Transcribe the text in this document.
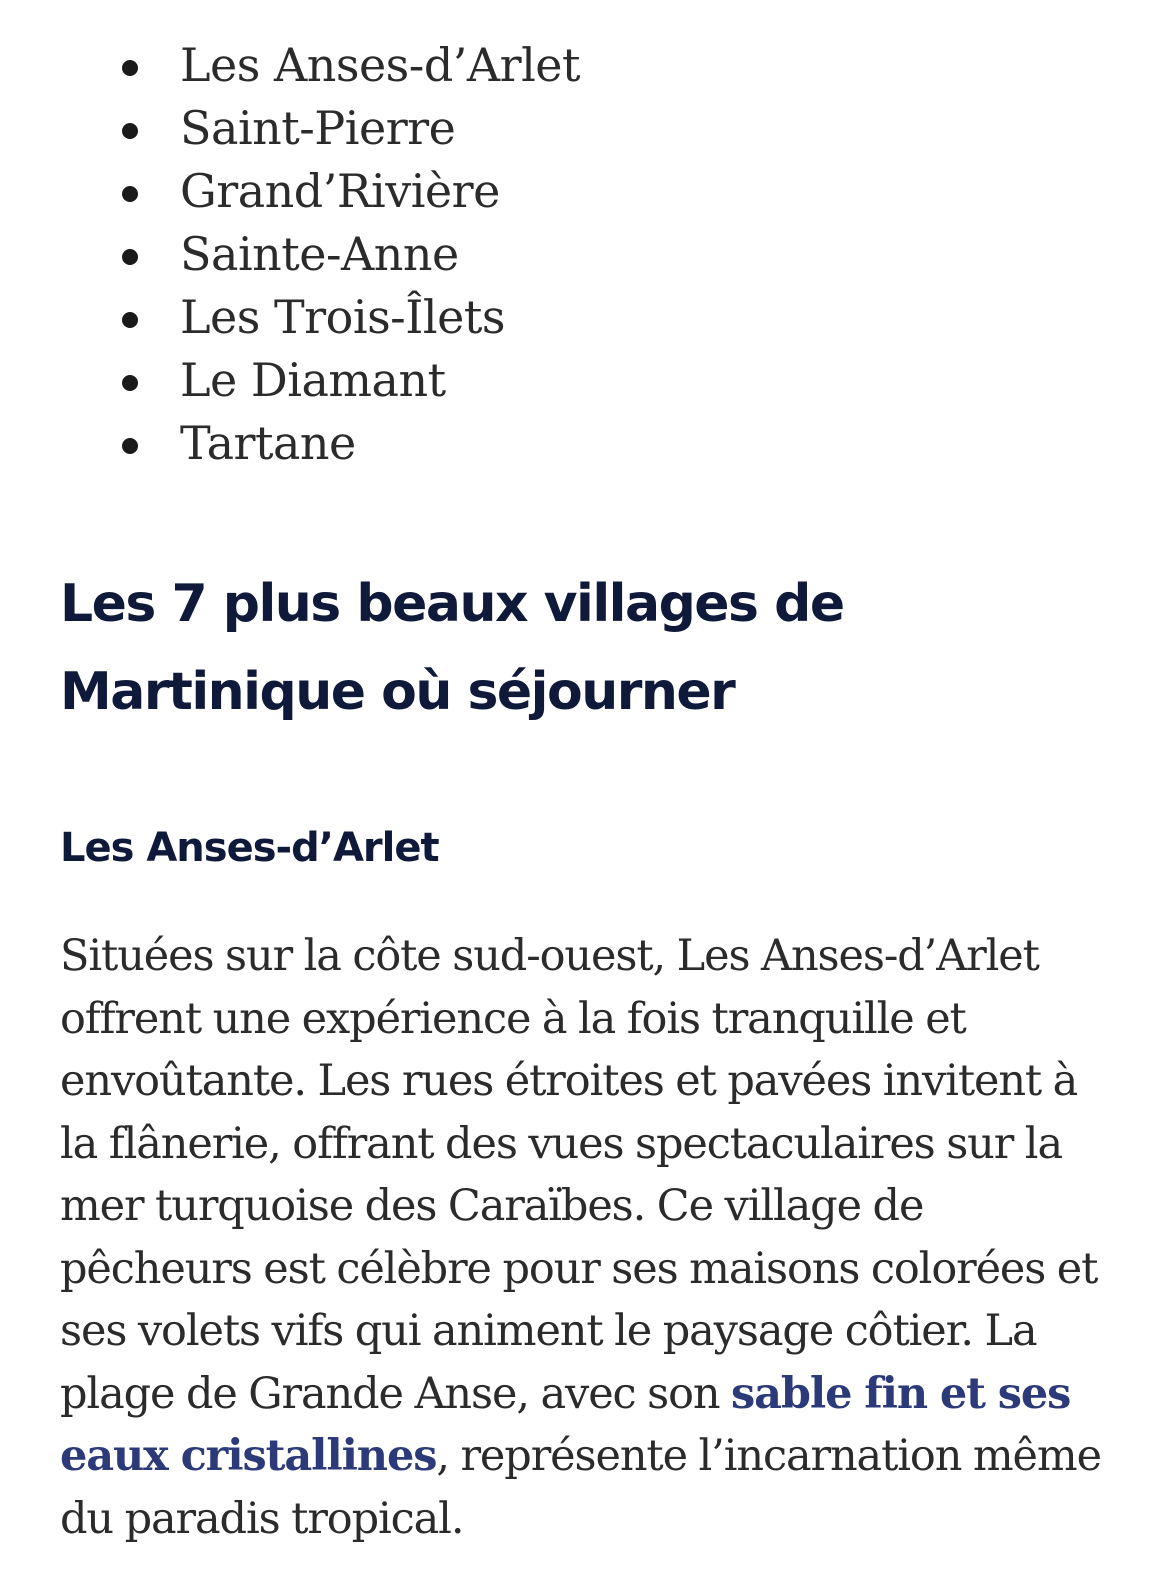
Les Anses-d’Arlet
Saint-Pierre
Grand’Rivière
Sainte-Anne
Les Trois-Îlets
Le Diamant
Tartane
Les 7 plus beaux villages de
Martinique où séjourner
Les Anses-d’Arlet

Situées sur la côte sud-ouest, Les Anses-d’Arlet offrent une expérience à la fois tranquille et envoûtante. Les rues étroites et pavées invitent à la flânerie, offrant des vues spectaculaires sur la mer turquoise des Caraïbes. Ce village de pêcheurs est célèbre pour ses maisons colorées et ses volets vifs qui animent le paysage côtier. La plage de Grande Anse, avec son sable fin et ses eaux cristallines, représente l’incarnation même du paradis tropical.
